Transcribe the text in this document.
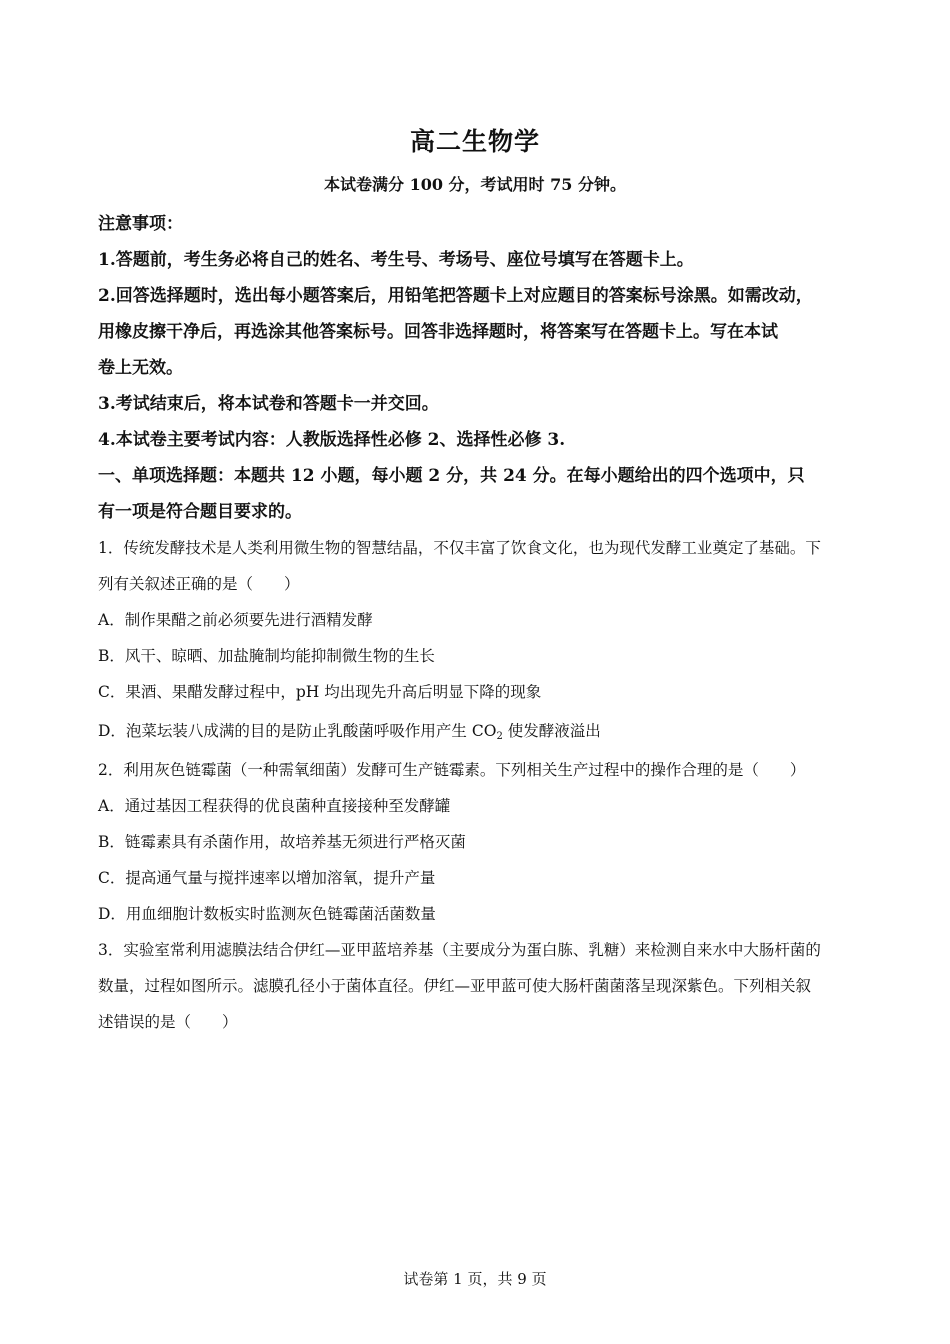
高二生物学
本试卷满分 100 分，考试用时 75 分钟。
注意事项：
1.答题前，考生务必将自己的姓名、考生号、考场号、座位号填写在答题卡上。
2.回答选择题时，选出每小题答案后，用铅笔把答题卡上对应题目的答案标号涂黑。如需改动，
用橡皮擦干净后，再选涂其他答案标号。回答非选择题时，将答案写在答题卡上。写在本试
卷上无效。
3.考试结束后，将本试卷和答题卡一并交回。
4.本试卷主要考试内容：人教版选择性必修 2、选择性必修 3.
一、单项选择题：本题共 12 小题，每小题 2 分，共 24 分。在每小题给出的四个选项中，只
有一项是符合题目要求的。
1．传统发酵技术是人类利用微生物的智慧结晶，不仅丰富了饮食文化，也为现代发酵工业奠定了基础。下
列有关叙述正确的是（　　）
A．制作果醋之前必须要先进行酒精发酵
B．风干、晾晒、加盐腌制均能抑制微生物的生长
C．果酒、果醋发酵过程中，pH 均出现先升高后明显下降的现象
D．泡菜坛装八成满的目的是防止乳酸菌呼吸作用产生 $CO_2$ 使发酵液溢出
2．利用灰色链霉菌（一种需氧细菌）发酵可生产链霉素。下列相关生产过程中的操作合理的是（　　）
A．通过基因工程获得的优良菌种直接接种至发酵罐
B．链霉素具有杀菌作用，故培养基无须进行严格灭菌
C．提高通气量与搅拌速率以增加溶氧，提升产量
D．用血细胞计数板实时监测灰色链霉菌活菌数量
3．实验室常利用滤膜法结合伊红—亚甲蓝培养基（主要成分为蛋白胨、乳糖）来检测自来水中大肠杆菌的
数量，过程如图所示。滤膜孔径小于菌体直径。伊红—亚甲蓝可使大肠杆菌菌落呈现深紫色。下列相关叙
述错误的是（　　）
试卷第 1 页，共 9 页
